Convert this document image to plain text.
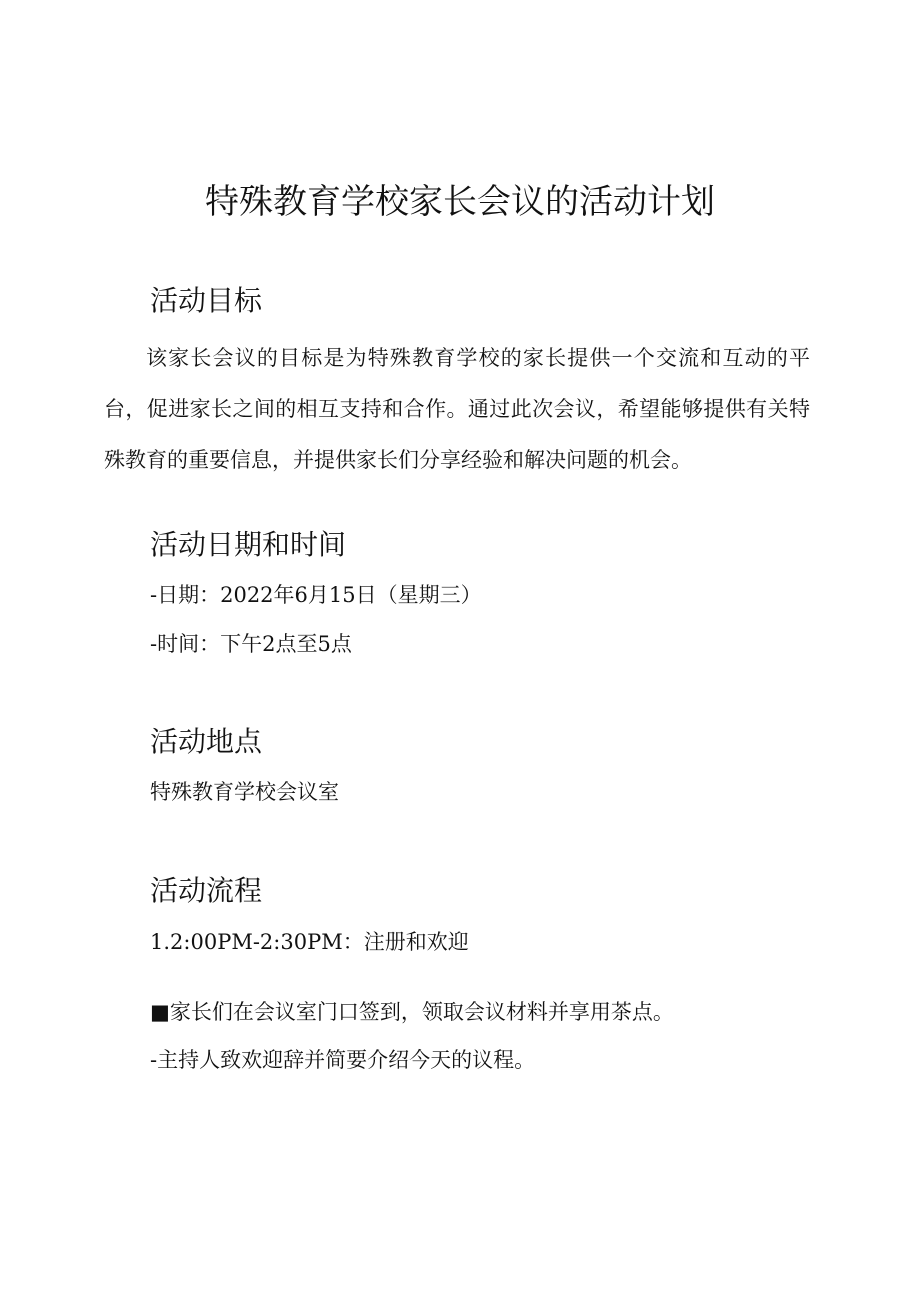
特殊教育学校家长会议的活动计划
活动目标

该家长会议的目标是为特殊教育学校的家长提供一个交流和互动的平台，促进家长之间的相互支持和合作。通过此次会议，希望能够提供有关特殊教育的重要信息，并提供家长们分享经验和解决问题的机会。

活动日期和时间

-日期：2022年6月15日（星期三）

-时间：下午2点至5点

活动地点

特殊教育学校会议室

活动流程

1.2:00PM-2:30PM：注册和欢迎

■家长们在会议室门口签到，领取会议材料并享用茶点。

-主持人致欢迎辞并简要介绍今天的议程。
